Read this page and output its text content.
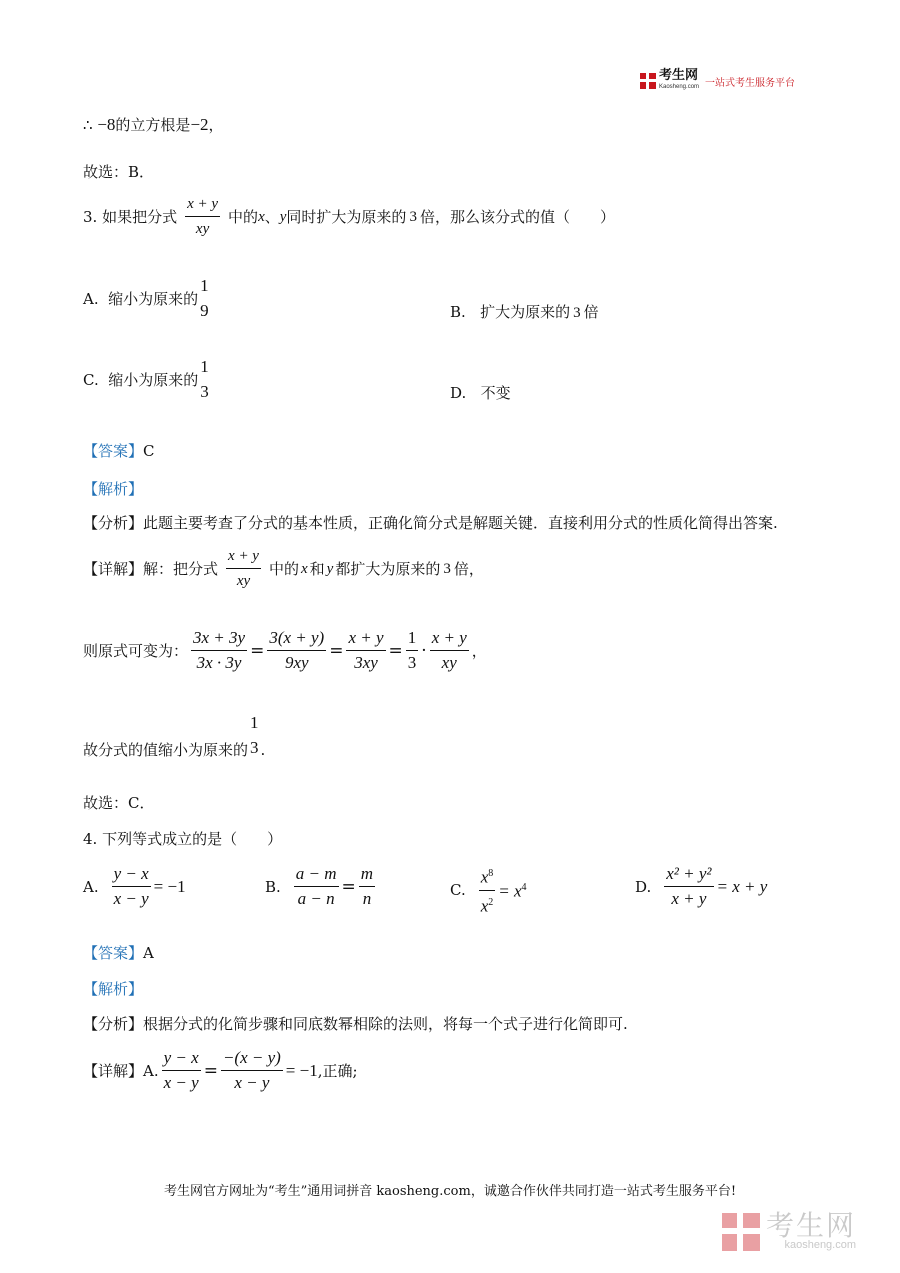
考生网
Kaosheng.com 一站式考生服务平台
∴ −8的立方根是−2，
故选：B．
3.
如果把分式 $\frac{x + y}{xy}$ 中的 x 、 y 同时扩大为原来的 3 倍，那么该分式的值（　　）
A.
缩小为原来的
1
9	B. 扩大为原来的 3 倍
C.
缩小为原来的
1
3	D. 不变
【答案】C
【解析】
【分析】此题主要考查了分式的基本性质，正确化简分式是解题关键．直接利用分式的性质化简得出答案.
【详解】 解：把分式 $\frac{x + y}{xy}$ 中的 x 和 y 都扩大为原来的 3 倍，
则原式可变为： $\frac{3x + 3y}{3x \cdot 3y} = \frac{3(x + y)}{9xy} = \frac{x + y}{3xy} = \frac{1}{3} \cdot \frac{x + y}{xy}$ ，
故分式的值缩小为原来的
1
3 .
故选：C．
4. 下列等式成立的是（　　）
A. $\frac{y - x}{x - y} = -1$	B. $\frac{a - m}{a - n} = \frac{m}{n}$	C. $\frac{x^8}{x^2} = x^4$	D. $\frac{\text{x² + y²}}{x + y} = x + y$
【答案】A
【解析】
【分析】根据分式的化简步骤和同底数幂相除的法则，将每一个式子进行化简即可.
【详解】 A. $\frac{y - x}{x - y} = \frac{-(x - y)}{x - y} = -1$ ,正确;
考生网官方网址为“考生”通用词拼音 kaosheng.com，诚邀合作伙伴共同打造一站式考生服务平台!
考生网
kaosheng.com
